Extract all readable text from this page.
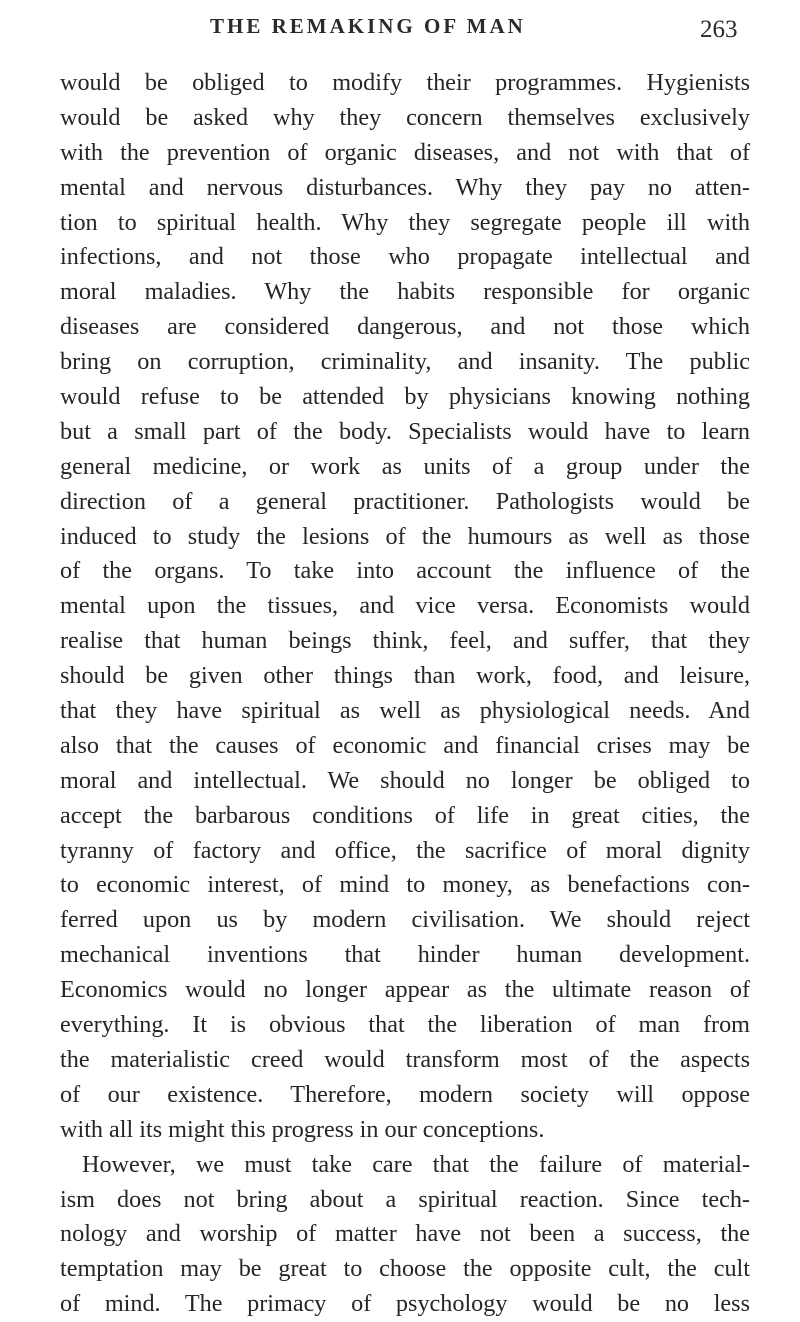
THE REMAKING OF MAN	263
would be obliged to modify their programmes. Hygienists
would be asked why they concern themselves exclusively
with the prevention of organic diseases, and not with that of
mental and nervous disturbances. Why they pay no atten-
tion to spiritual health. Why they segregate people ill with
infections, and not those who propagate intellectual and
moral maladies. Why the habits responsible for organic
diseases are considered dangerous, and not those which
bring on corruption, criminality, and insanity. The public
would refuse to be attended by physicians knowing nothing
but a small part of the body. Specialists would have to learn
general medicine, or work as units of a group under the
direction of a general practitioner. Pathologists would be
induced to study the lesions of the humours as well as those
of the organs. To take into account the influence of the
mental upon the tissues, and vice versa. Economists would
realise that human beings think, feel, and suffer, that they
should be given other things than work, food, and leisure,
that they have spiritual as well as physiological needs. And
also that the causes of economic and financial crises may be
moral and intellectual. We should no longer be obliged to
accept the barbarous conditions of life in great cities, the
tyranny of factory and office, the sacrifice of moral dignity
to economic interest, of mind to money, as benefactions con-
ferred upon us by modern civilisation. We should reject
mechanical inventions that hinder human development.
Economics would no longer appear as the ultimate reason of
everything. It is obvious that the liberation of man from
the materialistic creed would transform most of the aspects
of our existence. Therefore, modern society will oppose
with all its might this progress in our conceptions.
However, we must take care that the failure of material-
ism does not bring about a spiritual reaction. Since tech-
nology and worship of matter have not been a success, the
temptation may be great to choose the opposite cult, the cult
of mind. The primacy of psychology would be no less
